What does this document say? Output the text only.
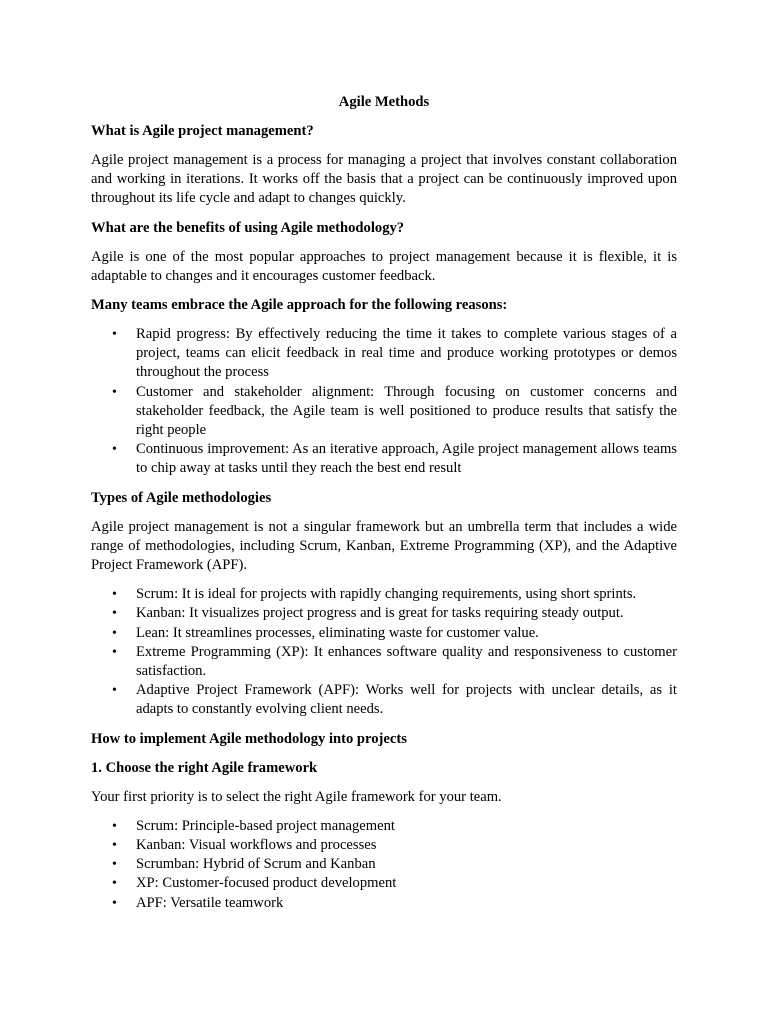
Agile Methods
What is Agile project management?
Agile project management is a process for managing a project that involves constant collaboration and working in iterations. It works off the basis that a project can be continuously improved upon throughout its life cycle and adapt to changes quickly.
What are the benefits of using Agile methodology?
Agile is one of the most popular approaches to project management because it is flexible, it is adaptable to changes and it encourages customer feedback.
Many teams embrace the Agile approach for the following reasons:
• Rapid progress: By effectively reducing the time it takes to complete various stages of a project, teams can elicit feedback in real time and produce working prototypes or demos throughout the process
• Customer and stakeholder alignment: Through focusing on customer concerns and stakeholder feedback, the Agile team is well positioned to produce results that satisfy the right people
• Continuous improvement: As an iterative approach, Agile project management allows teams to chip away at tasks until they reach the best end result
Types of Agile methodologies
Agile project management is not a singular framework but an umbrella term that includes a wide range of methodologies, including Scrum, Kanban, Extreme Programming (XP), and the Adaptive Project Framework (APF).
• Scrum: It is ideal for projects with rapidly changing requirements, using short sprints.
• Kanban: It visualizes project progress and is great for tasks requiring steady output.
• Lean: It streamlines processes, eliminating waste for customer value.
• Extreme Programming (XP): It enhances software quality and responsiveness to customer satisfaction.
• Adaptive Project Framework (APF): Works well for projects with unclear details, as it adapts to constantly evolving client needs.
How to implement Agile methodology into projects
1. Choose the right Agile framework
Your first priority is to select the right Agile framework for your team.
• Scrum: Principle-based project management
• Kanban: Visual workflows and processes
• Scrumban: Hybrid of Scrum and Kanban
• XP: Customer-focused product development
• APF: Versatile teamwork
